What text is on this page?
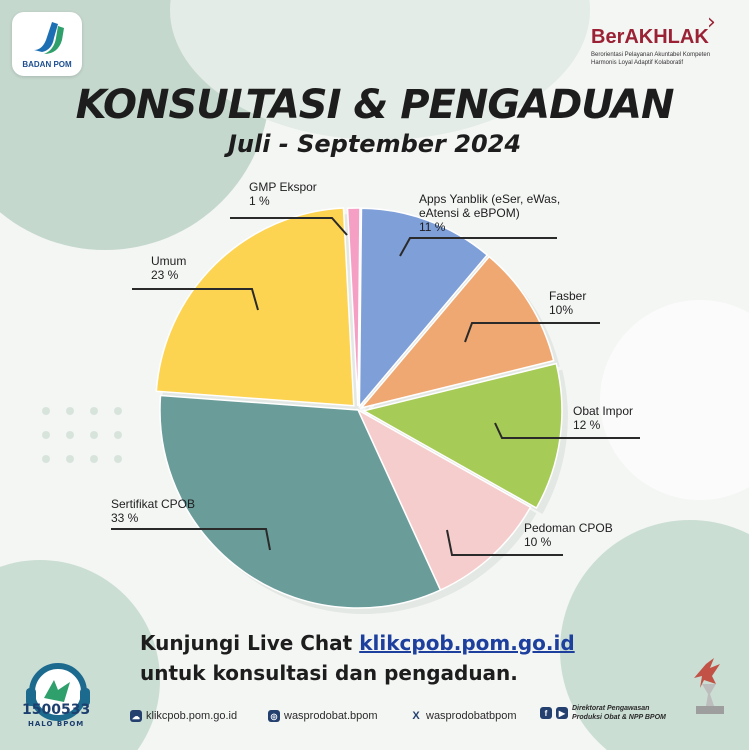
BADAN POM
BerAKHLAK
›
Berorientasi Pelayanan Akuntabel Kompeten
Harmonis Loyal Adaptif Kolaboratif
KONSULTASI & PENGADUAN
Juli - September 2024
GMP Ekspor
1 %	Apps Yanblik (eSer, eWas,
eAtensi & eBPOM)
11 %
Fasber
10%
Obat Impor
12 %
Pedoman CPOB
10 %
Sertifikat CPOB
33 %
Umum
23 %
Kunjungi Live Chat klikcpob.pom.go.id
untuk konsultasi dan pengaduan.
1500533
HALO BPOM
☁ klikcpob.pom.go.id	◎ wasprodobat.bpom	X wasprodobatbpom	f	▶ Direktorat Pengawasan
Produksi Obat & NPP BPOM
